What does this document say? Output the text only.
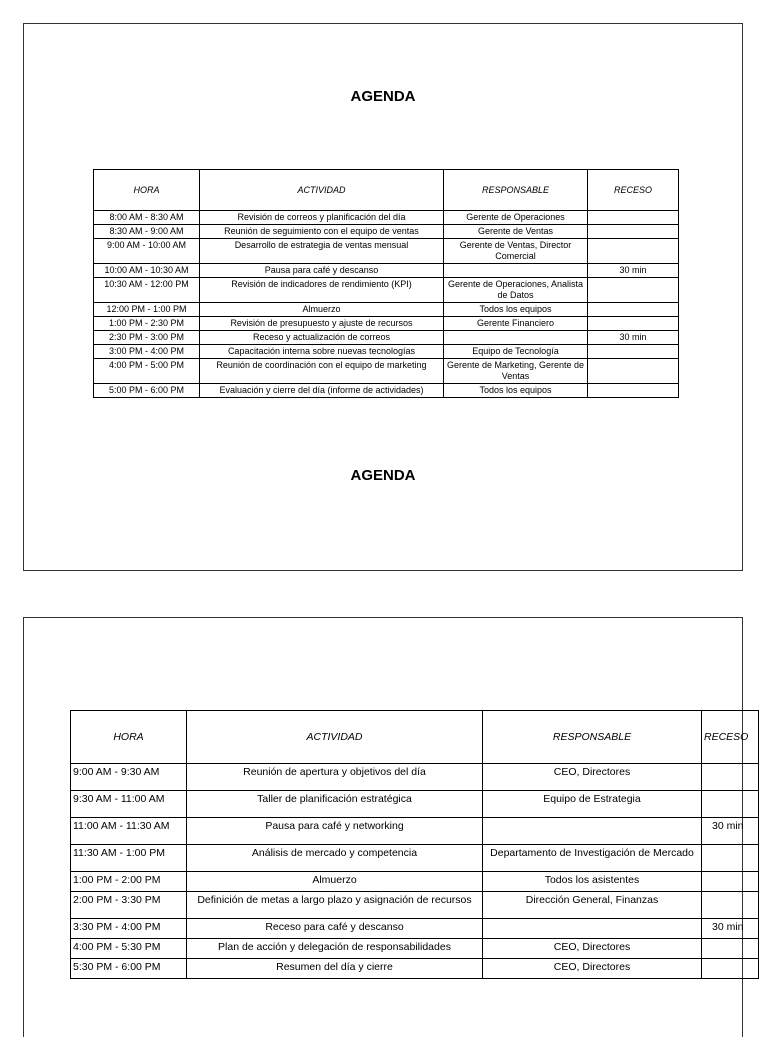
AGENDA
HORA	ACTIVIDAD	RESPONSABLE	RECESO
8:00 AM - 8:30 AM	Revisión de correos y planificación del día	Gerente de Operaciones	
8:30 AM - 9:00 AM	Reunión de seguimiento con el equipo de ventas	Gerente de Ventas	
9:00 AM - 10:00 AM	Desarrollo de estrategia de ventas mensual	Gerente de Ventas, Director Comercial	
10:00 AM - 10:30 AM	Pausa para café y descanso		30 min
10:30 AM - 12:00 PM	Revisión de indicadores de rendimiento (KPI)	Gerente de Operaciones, Analista de Datos	
12:00 PM - 1:00 PM	Almuerzo	Todos los equipos	
1:00 PM - 2:30 PM	Revisión de presupuesto y ajuste de recursos	Gerente Financiero	
2:30 PM - 3:00 PM	Receso y actualización de correos		30 min
3:00 PM - 4:00 PM	Capacitación interna sobre nuevas tecnologías	Equipo de Tecnología	
4:00 PM - 5:00 PM	Reunión de coordinación con el equipo de marketing	Gerente de Marketing, Gerente de Ventas	
5:00 PM - 6:00 PM	Evaluación y cierre del día (informe de actividades)	Todos los equipos	
AGENDA
HORA	ACTIVIDAD	RESPONSABLE	RECESO
9:00 AM - 9:30 AM	Reunión de apertura y objetivos del día	CEO, Directores	
9:30 AM - 11:00 AM	Taller de planificación estratégica	Equipo de Estrategia	
11:00 AM - 11:30 AM	Pausa para café y networking		30 min
11:30 AM - 1:00 PM	Análisis de mercado y competencia	Departamento de Investigación de Mercado	
1:00 PM - 2:00 PM	Almuerzo	Todos los asistentes	
2:00 PM - 3:30 PM	Definición de metas a largo plazo y asignación de recursos	Dirección General, Finanzas	
3:30 PM - 4:00 PM	Receso para café y descanso		30 min
4:00 PM - 5:30 PM	Plan de acción y delegación de responsabilidades	CEO, Directores	
5:30 PM - 6:00 PM	Resumen del día y cierre	CEO, Directores	
